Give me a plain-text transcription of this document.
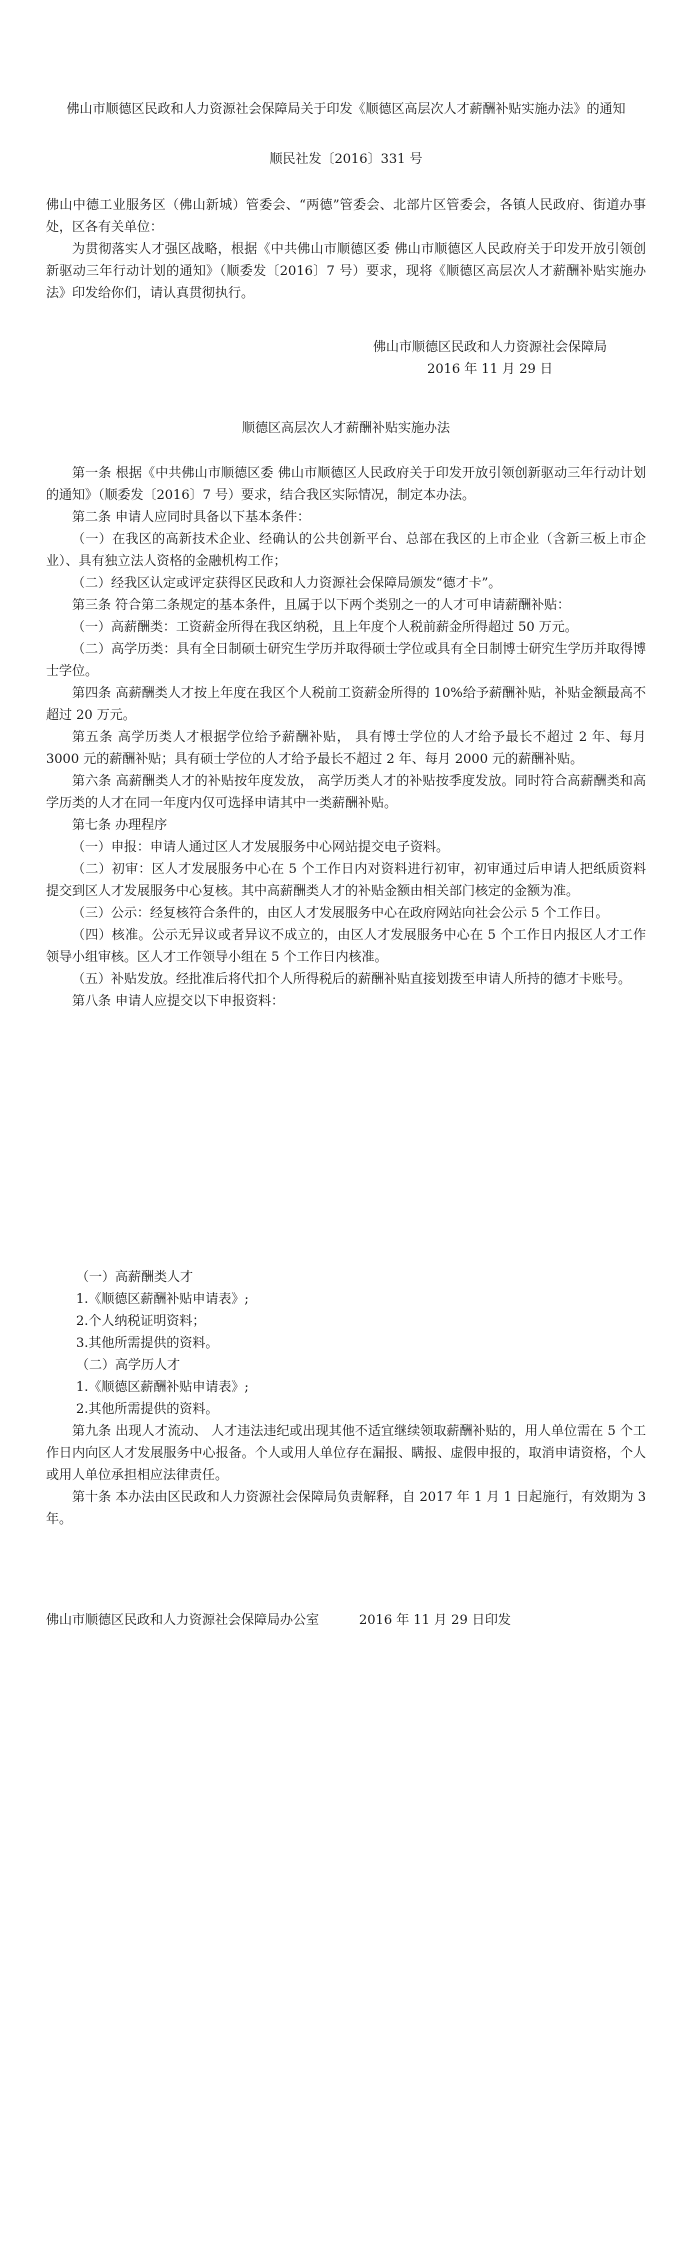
佛山市顺德区民政和人力资源社会保障局关于印发《顺德区高层次人才薪酬补贴实施办法》的通知
顺民社发〔2016〕331 号

佛山中德工业服务区（佛山新城）管委会、“两德”管委会、北部片区管委会，各镇人民政府、街道办事处，区各有关单位：

为贯彻落实人才强区战略，根据《中共佛山市顺德区委 佛山市顺德区人民政府关于印发开放引领创新驱动三年行动计划的通知》（顺委发〔2016〕7 号）要求，现将《顺德区高层次人才薪酬补贴实施办法》印发给你们，请认真贯彻执行。

佛山市顺德区民政和人力资源社会保障局
2016 年 11 月 29 日
顺德区高层次人才薪酬补贴实施办法

第一条 根据《中共佛山市顺德区委 佛山市顺德区人民政府关于印发开放引领创新驱动三年行动计划的通知》（顺委发〔2016〕7 号）要求，结合我区实际情况，制定本办法。

第二条 申请人应同时具备以下基本条件：

（一）在我区的高新技术企业、经确认的公共创新平台、总部在我区的上市企业（含新三板上市企业）、具有独立法人资格的金融机构工作；

（二）经我区认定或评定获得区民政和人力资源社会保障局颁发“德才卡”。

第三条 符合第二条规定的基本条件，且属于以下两个类别之一的人才可申请薪酬补贴：

（一）高薪酬类：工资薪金所得在我区纳税，且上年度个人税前薪金所得超过 50 万元。

（二）高学历类：具有全日制硕士研究生学历并取得硕士学位或具有全日制博士研究生学历并取得博士学位。

第四条 高薪酬类人才按上年度在我区个人税前工资薪金所得的 10%给予薪酬补贴，补贴金额最高不超过 20 万元。

第五条 高学历类人才根据学位给予薪酬补贴， 具有博士学位的人才给予最长不超过 2 年、每月 3000 元的薪酬补贴；具有硕士学位的人才给予最长不超过 2 年、每月 2000 元的薪酬补贴。

第六条 高薪酬类人才的补贴按年度发放， 高学历类人才的补贴按季度发放。同时符合高薪酬类和高学历类的人才在同一年度内仅可选择申请其中一类薪酬补贴。

第七条 办理程序

（一）申报：申请人通过区人才发展服务中心网站提交电子资料。

（二）初审：区人才发展服务中心在 5 个工作日内对资料进行初审，初审通过后申请人把纸质资料提交到区人才发展服务中心复核。其中高薪酬类人才的补贴金额由相关部门核定的金额为准。

（三）公示：经复核符合条件的，由区人才发展服务中心在政府网站向社会公示 5 个工作日。

（四）核准。公示无异议或者异议不成立的，由区人才发展服务中心在 5 个工作日内报区人才工作领导小组审核。区人才工作领导小组在 5 个工作日内核准。

（五）补贴发放。经批准后将代扣个人所得税后的薪酬补贴直接划拨至申请人所持的德才卡账号。

第八条 申请人应提交以下申报资料：

（一）高薪酬类人才

1.《顺德区薪酬补贴申请表》;

2.个人纳税证明资料；

3.其他所需提供的资料。

（二）高学历人才

1.《顺德区薪酬补贴申请表》;

2.其他所需提供的资料。

第九条 出现人才流动、 人才违法违纪或出现其他不适宜继续领取薪酬补贴的，用人单位需在 5 个工作日内向区人才发展服务中心报备。个人或用人单位存在漏报、瞒报、虚假申报的，取消申请资格，个人或用人单位承担相应法律责任。

第十条 本办法由区民政和人力资源社会保障局负责解释，自 2017 年 1 月 1 日起施行，有效期为 3 年。

佛山市顺德区民政和人力资源社会保障局办公室	2016 年 11 月 29 日印发
